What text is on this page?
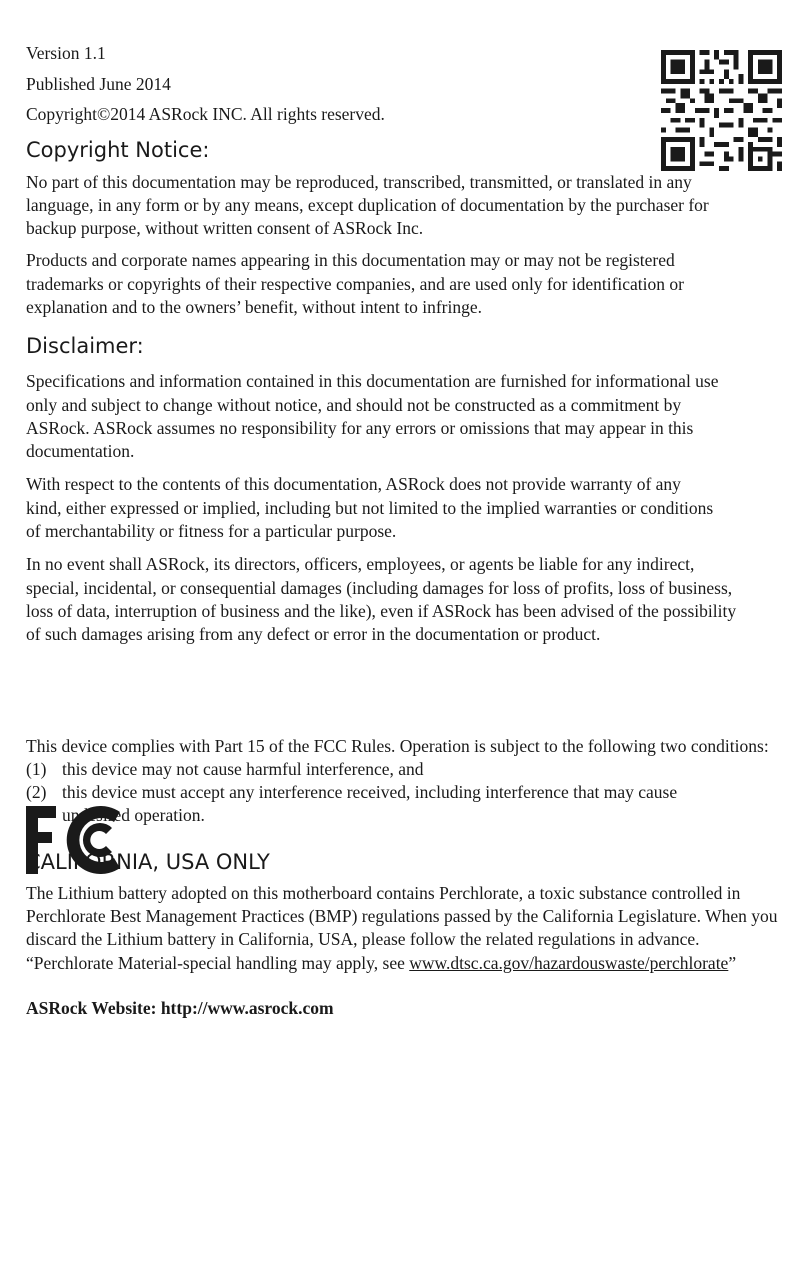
Version 1.1

Published June 2014

Copyright©2014 ASRock INC. All rights reserved.

Copyright Notice:

No part of this documentation may be reproduced, transcribed, transmitted, or translated in any language, in any form or by any means, except duplication of documentation by the purchaser for backup purpose, without written consent of ASRock Inc.

Products and corporate names appearing in this documentation may or may not be registered trademarks or copyrights of their respective companies, and are used only for identification or explanation and to the owners’ benefit, without intent to infringe.

Disclaimer:

Specifications and information contained in this documentation are furnished for informational use only and subject to change without notice, and should not be constructed as a commitment by ASRock. ASRock assumes no responsibility for any errors or omissions that may appear in this documentation.

With respect to the contents of this documentation, ASRock does not provide warranty of any kind, either expressed or implied, including but not limited to the implied warranties or conditions of merchantability or fitness for a particular purpose.

In no event shall ASRock, its directors, officers, employees, or agents be liable for any indirect, special, incidental, or consequential damages (including damages for loss of profits, loss of business, loss of data, interruption of business and the like), even if ASRock has been advised of the possibility of such damages arising from any defect or error in the documentation or product.

This device complies with Part 15 of the FCC Rules. Operation is subject to the following two conditions:

(1) this device may not cause harmful interference, and
(2) this device must accept any interference received, including interference that may cause undesired operation.
CALIFORNIA, USA ONLY

The Lithium battery adopted on this motherboard contains Perchlorate, a toxic substance controlled in Perchlorate Best Management Practices (BMP) regulations passed by the California Legislature. When you discard the Lithium battery in California, USA, please follow the related regulations in advance.

“Perchlorate Material-special handling may apply, see www.dtsc.ca.gov/hazardouswaste/perchlorate”

ASRock Website: http://www.asrock.com
